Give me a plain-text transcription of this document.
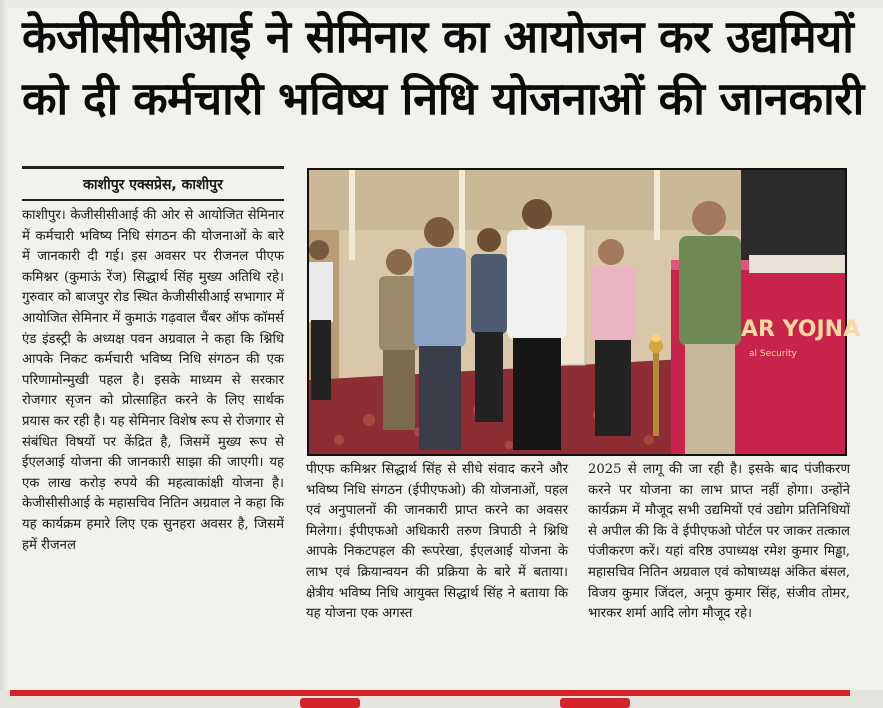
केजीसीसीआई ने सेमिनार का आयोजन कर उद्यमियों
को दी कर्मचारी भविष्य निधि योजनाओं की जानकारी
काशीपुर एक्सप्रेस, काशीपुर

काशीपुर। केजीसीसीआई की ओर से आयोजित सेमिनार में कर्मचारी भविष्य निधि संगठन की योजनाओं के बारे में जानकारी दी गई। इस अवसर पर रीजनल पीएफ कमिश्नर (कुमाऊं रेंज) सिद्धार्थ सिंह मुख्य अतिथि रहे। गुरुवार को बाजपुर रोड स्थित केजीसीसीआई सभागार में आयोजित सेमिनार में कुमाऊं गढ़वाल चैंबर ऑफ कॉमर्स एंड इंडस्ट्री के अध्यक्ष पवन अग्रवाल ने कहा कि श्निधि आपके निकट कर्मचारी भविष्य निधि संगठन की एक परिणामोन्मुखी पहल है। इसके माध्यम से सरकार रोजगार सृजन को प्रोत्साहित करने के लिए सार्थक प्रयास कर रही है। यह सेमिनार विशेष रूप से रोजगार से संबंधित विषयों पर केंद्रित है, जिसमें मुख्य रूप से ईएलआई योजना की जानकारी साझा की जाएगी। यह एक लाख करोड़ रुपये की महत्वाकांक्षी योजना है। केजीसीसीआई के महासचिव नितिन अग्रवाल ने कहा कि यह कार्यक्रम हमारे लिए एक सुनहरा अवसर है, जिसमें हमें रीजनल

AR YOJNA
al Security

पीएफ कमिश्नर सिद्धार्थ सिंह से सीधे संवाद करने और भविष्य निधि संगठन (ईपीएफओ) की योजनाओं, पहल एवं अनुपालनों की जानकारी प्राप्त करने का अवसर मिलेगा। ईपीएफओ अधिकारी तरुण त्रिपाठी ने श्निधि आपके निकटपहल की रूपरेखा, ईएलआई योजना के लाभ एवं क्रियान्वयन की प्रक्रिया के बारे में बताया। क्षेत्रीय भविष्य निधि आयुक्त सिद्धार्थ सिंह ने बताया कि यह योजना एक अगस्त

2025 से लागू की जा रही है। इसके बाद पंजीकरण करने पर योजना का लाभ प्राप्त नहीं होगा। उन्होंने कार्यक्रम में मौजूद सभी उद्यमियों एवं उद्योग प्रतिनिधियों से अपील की कि वे ईपीएफओ पोर्टल पर जाकर तत्काल पंजीकरण करें। यहां वरिष्ठ उपाध्यक्ष रमेश कुमार मिड्ढा, महासचिव नितिन अग्रवाल एवं कोषाध्यक्ष अंकित बंसल, विजय कुमार जिंदल, अनूप कुमार सिंह, संजीव तोमर, भारकर शर्मा आदि लोग मौजूद रहे।
